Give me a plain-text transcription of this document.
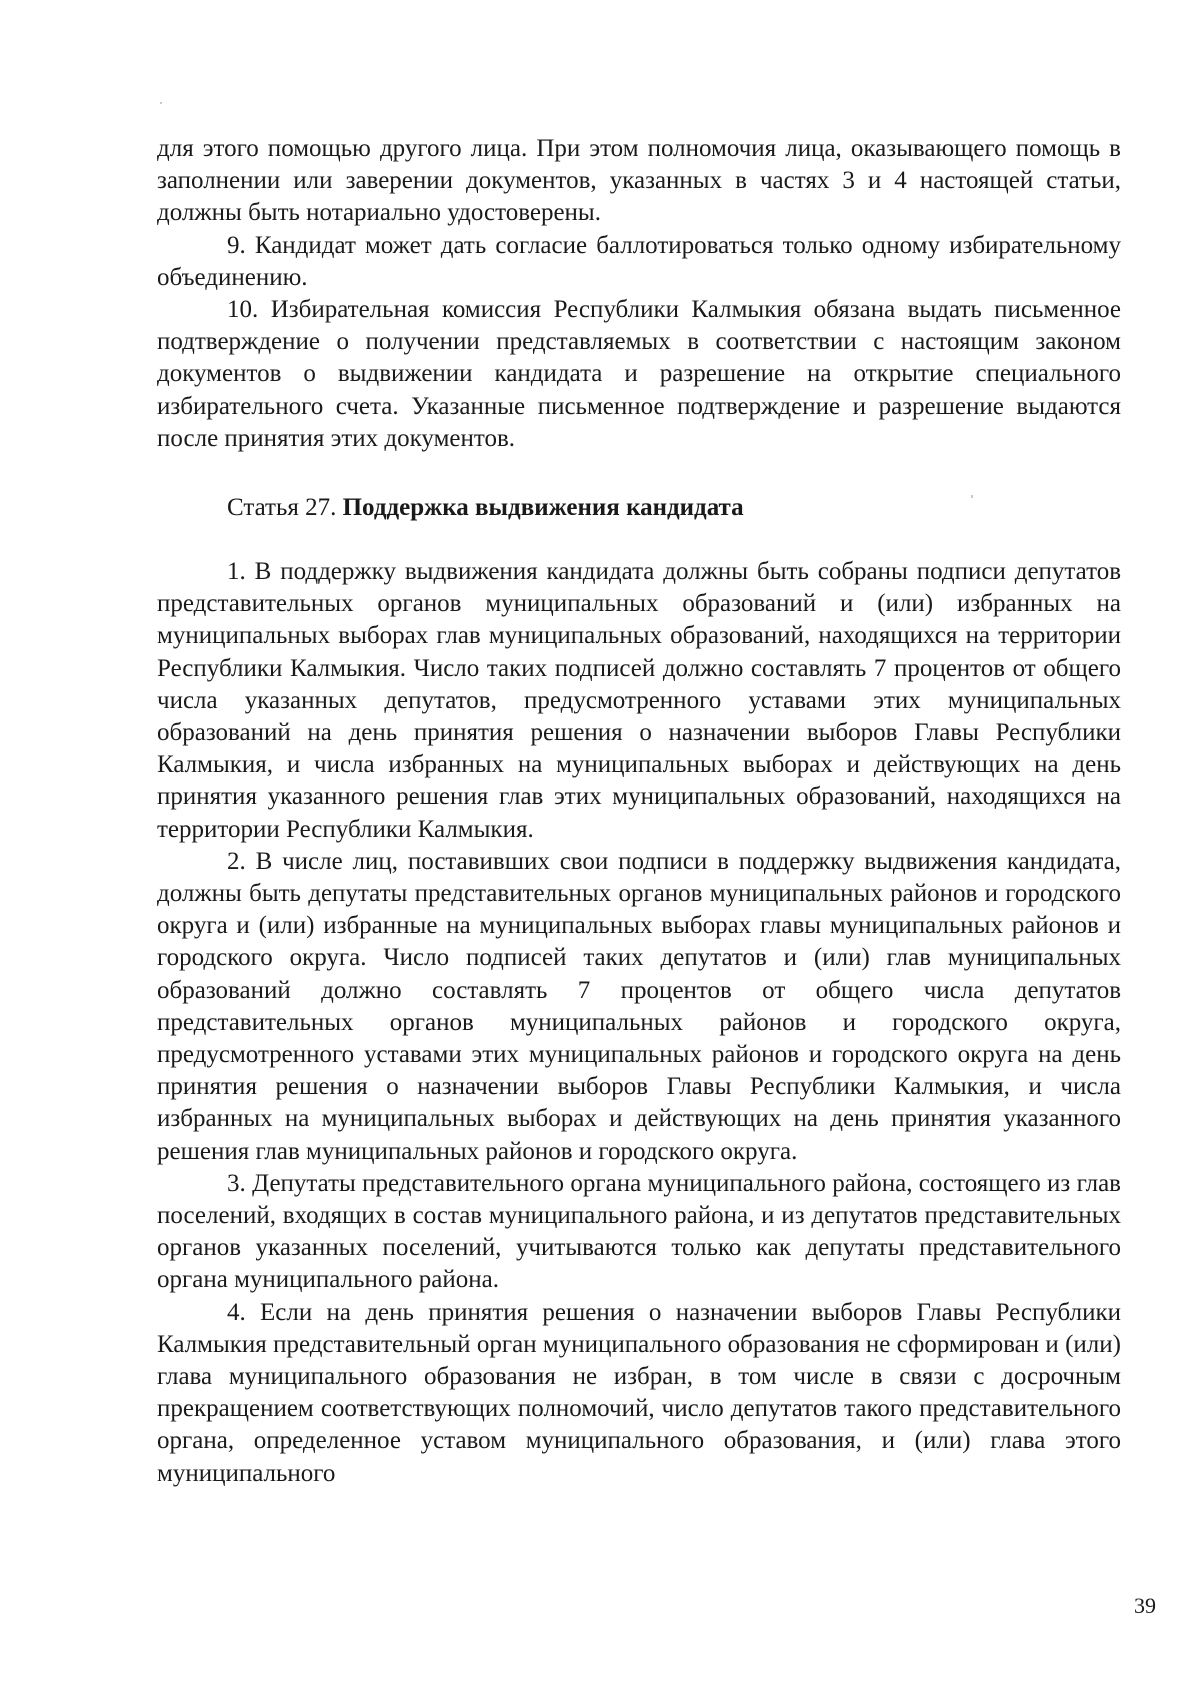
для этого помощью другого лица. При этом полномочия лица, оказывающего помощь в заполнении или заверении документов, указанных в частях 3 и 4 настоящей статьи, должны быть нотариально удостоверены.

9. Кандидат может дать согласие баллотироваться только одному избирательному объединению.

10. Избирательная комиссия Республики Калмыкия обязана выдать письменное подтверждение о получении представляемых в соответствии с настоящим законом документов о выдвижении кандидата и разрешение на открытие специального избирательного счета. Указанные письменное подтверждение и разрешение выдаются после принятия этих документов.

Статья 27. Поддержка выдвижения кандидата

1. В поддержку выдвижения кандидата должны быть собраны подписи депутатов представительных органов муниципальных образований и (или) избранных на муниципальных выборах глав муниципальных образований, находящихся на территории Республики Калмыкия. Число таких подписей должно составлять 7 процентов от общего числа указанных депутатов, предусмотренного уставами этих муниципальных образований на день принятия решения о назначении выборов Главы Республики Калмыкия, и числа избранных на муниципальных выборах и действующих на день принятия указанного решения глав этих муниципальных образований, находящихся на территории Республики Калмыкия.

2. В числе лиц, поставивших свои подписи в поддержку выдвижения кандидата, должны быть депутаты представительных органов муниципальных районов и городского округа и (или) избранные на муниципальных выборах главы муниципальных районов и городского округа. Число подписей таких депутатов и (или) глав муниципальных образований должно составлять 7 процентов от общего числа депутатов представительных органов муниципальных районов и городского округа, предусмотренного уставами этих муниципальных районов и городского округа на день принятия решения о назначении выборов Главы Республики Калмыкия, и числа избранных на муниципальных выборах и действующих на день принятия указанного решения глав муниципальных районов и городского округа.

3. Депутаты представительного органа муниципального района, состоящего из глав поселений, входящих в состав муниципального района, и из депутатов представительных органов указанных поселений, учитываются только как депутаты представительного органа муниципального района.

4. Если на день принятия решения о назначении выборов Главы Республики Калмыкия представительный орган муниципального образования не сформирован и (или) глава муниципального образования не избран, в том числе в связи с досрочным прекращением соответствующих полномочий, число депутатов такого представительного органа, определенное уставом муниципального образования, и (или) глава этого муниципального

39
